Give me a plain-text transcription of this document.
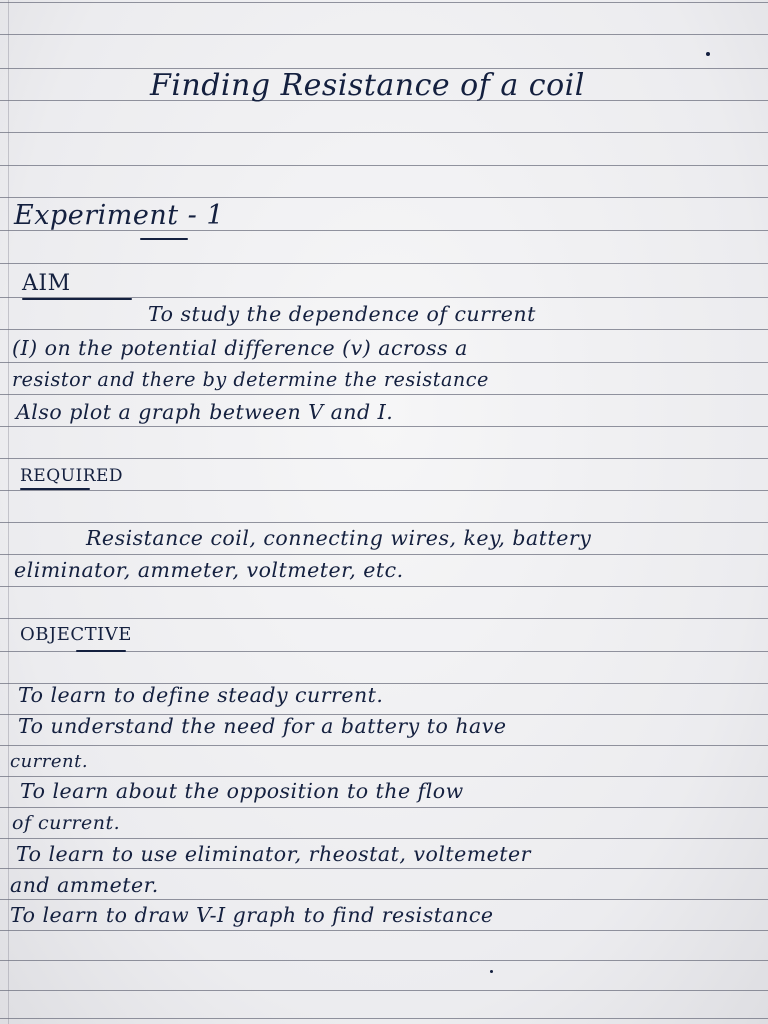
Finding Resistance of a coil
Experiment - 1
AIM
To study the dependence of current
(I) on the potential difference (v) across a
resistor and there by determine the resistance
Also plot a graph between V and I.
REQUIRED
Resistance coil, connecting wires, key, battery
eliminator, ammeter, voltmeter, etc.
OBJECTIVE
To learn to define steady current.
To understand the need for a battery to have
current.
To learn about the opposition to the flow
of current.
To learn to use eliminator, rheostat, voltemeter
and ammeter.
To learn to draw V-I graph to find resistance
